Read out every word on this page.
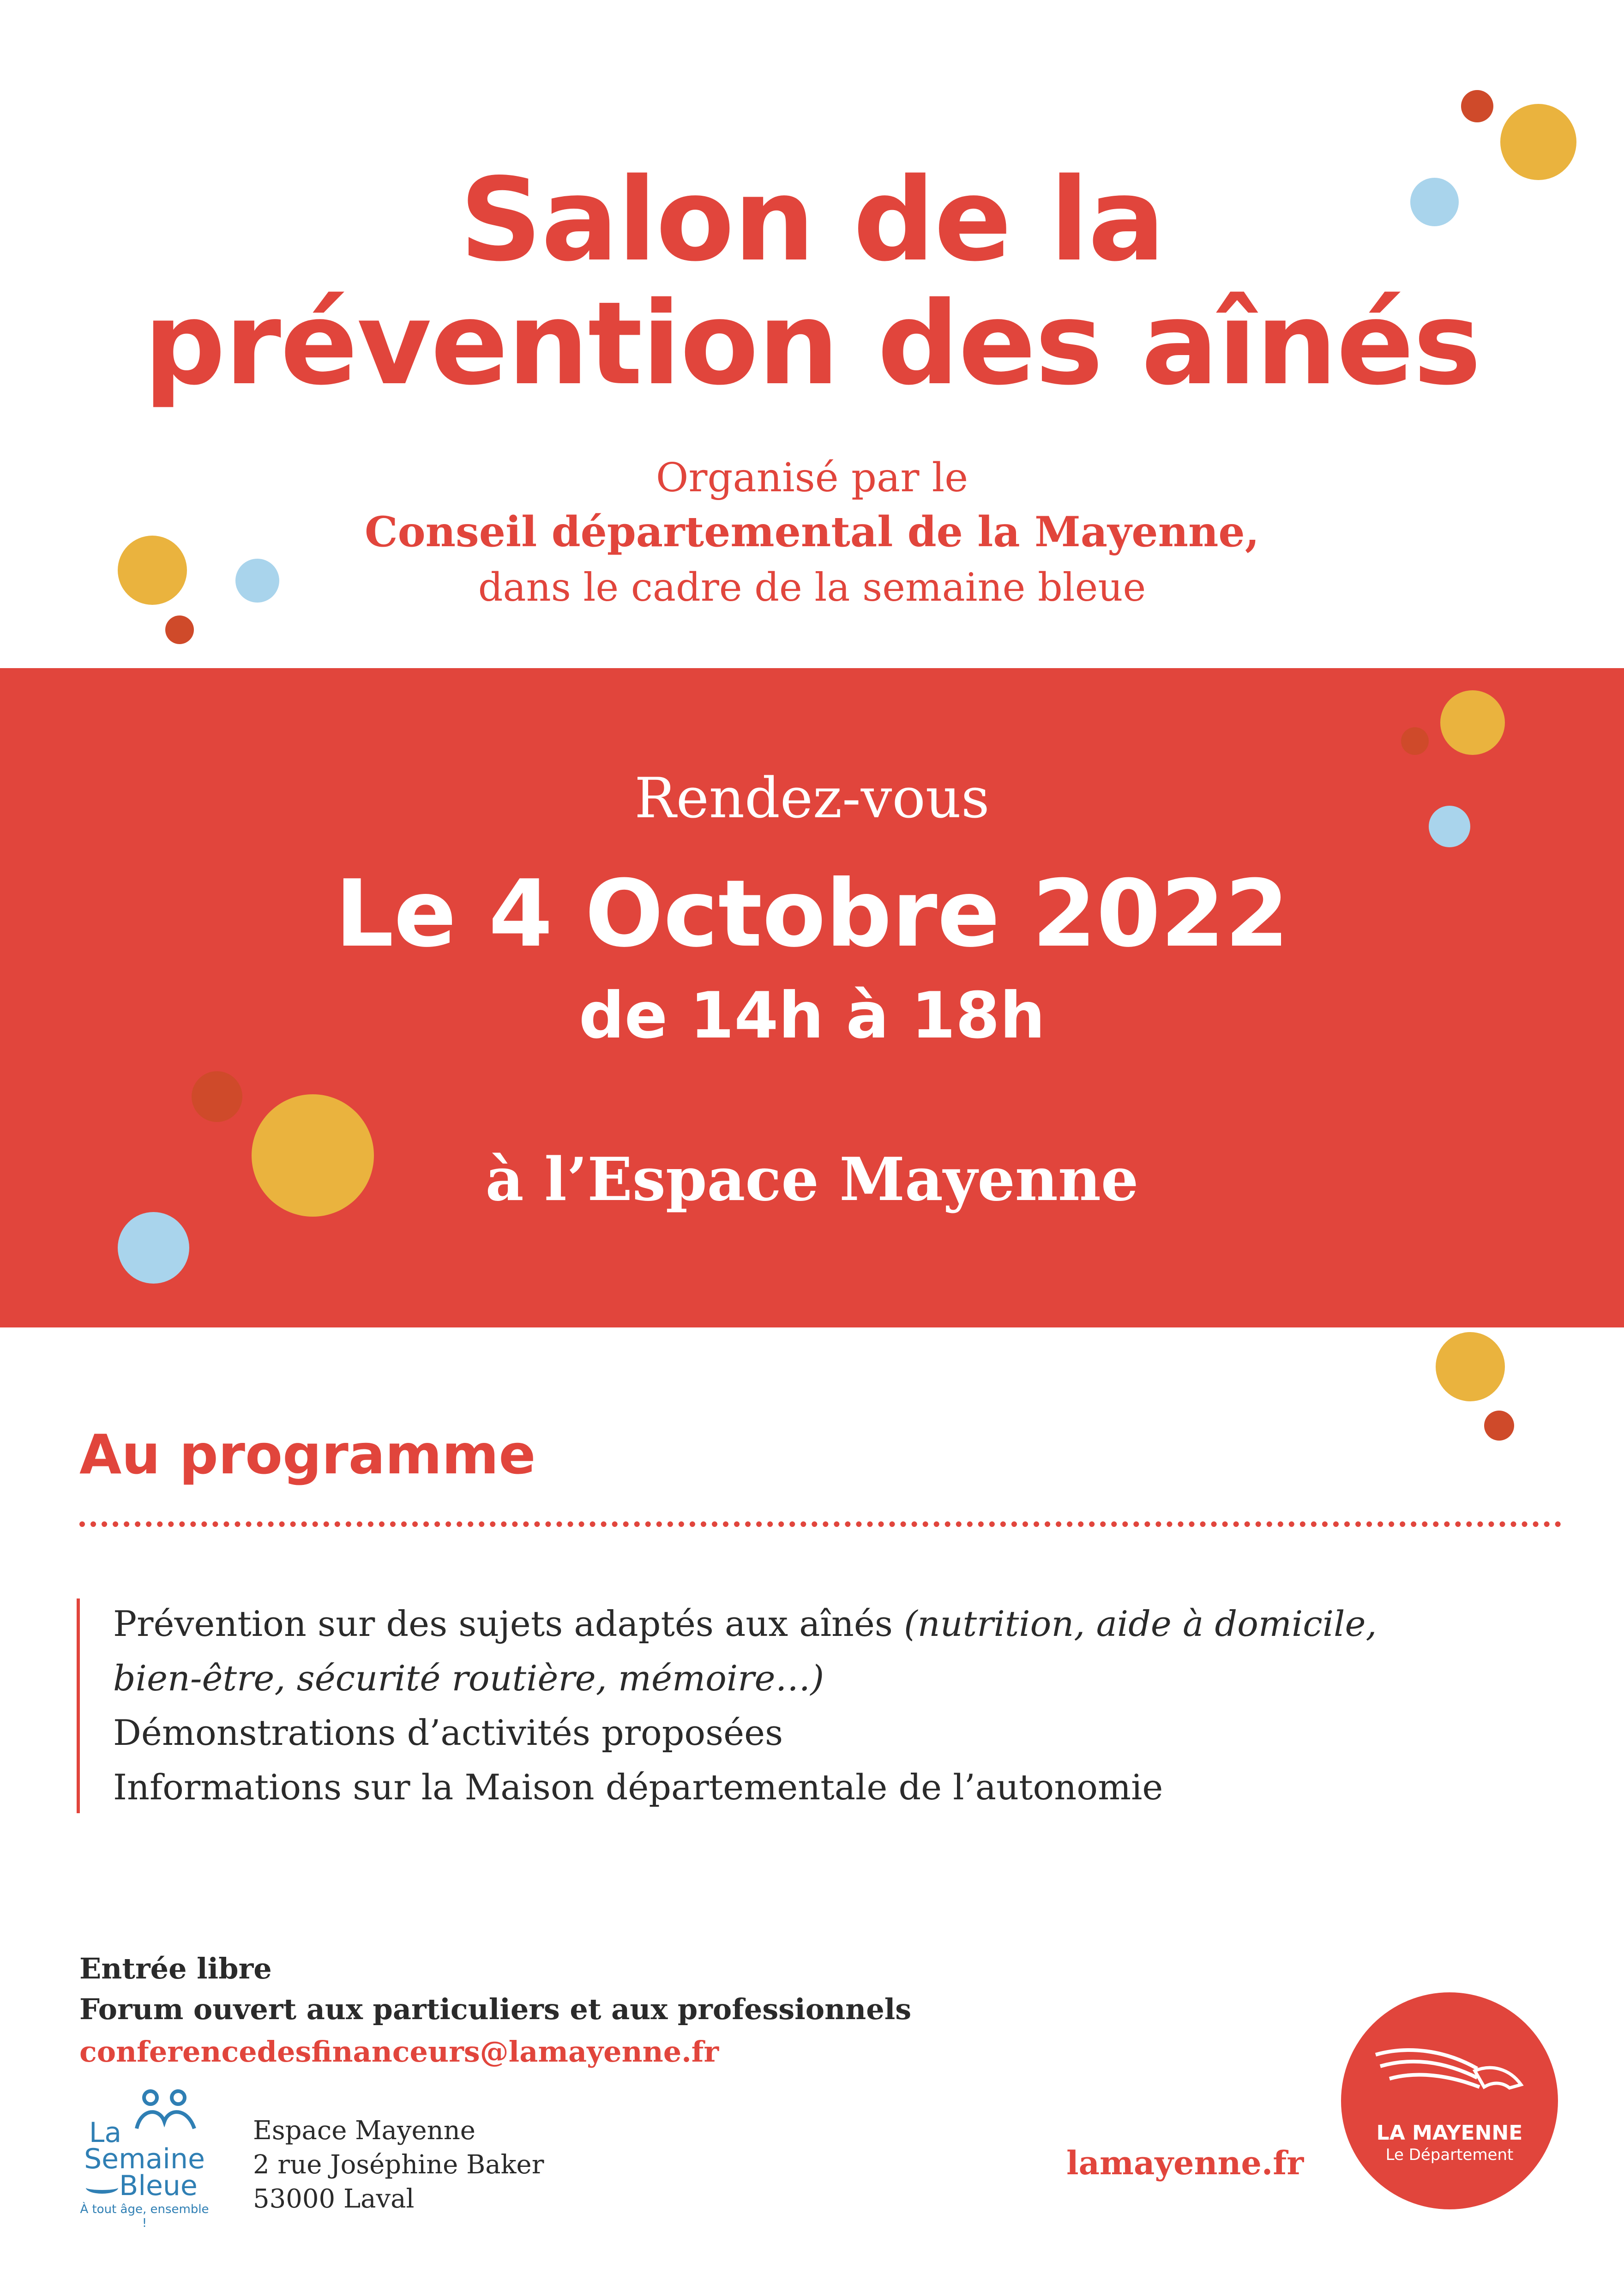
Salon de la
prévention des aînés
Organisé par le
Conseil départemental de la Mayenne,
dans le cadre de la semaine bleue
Rendez-vous
Le 4 Octobre 2022
de 14h à 18h
à l’Espace Mayenne
Au programme
Prévention sur des sujets adaptés aux aînés (nutrition, aide à domicile,
bien-être, sécurité routière, mémoire…)
Démonstrations d’activités proposées
Informations sur la Maison départementale de l’autonomie
Entrée libre
Forum ouvert aux particuliers et aux professionnels
conferencedesfinanceurs@lamayenne.fr
La
Semaine
Bleue
À tout âge, ensemble !
Espace Mayenne
2 rue Joséphine Baker
53000 Laval
lamayenne.fr
LA MAYENNE
Le Département
